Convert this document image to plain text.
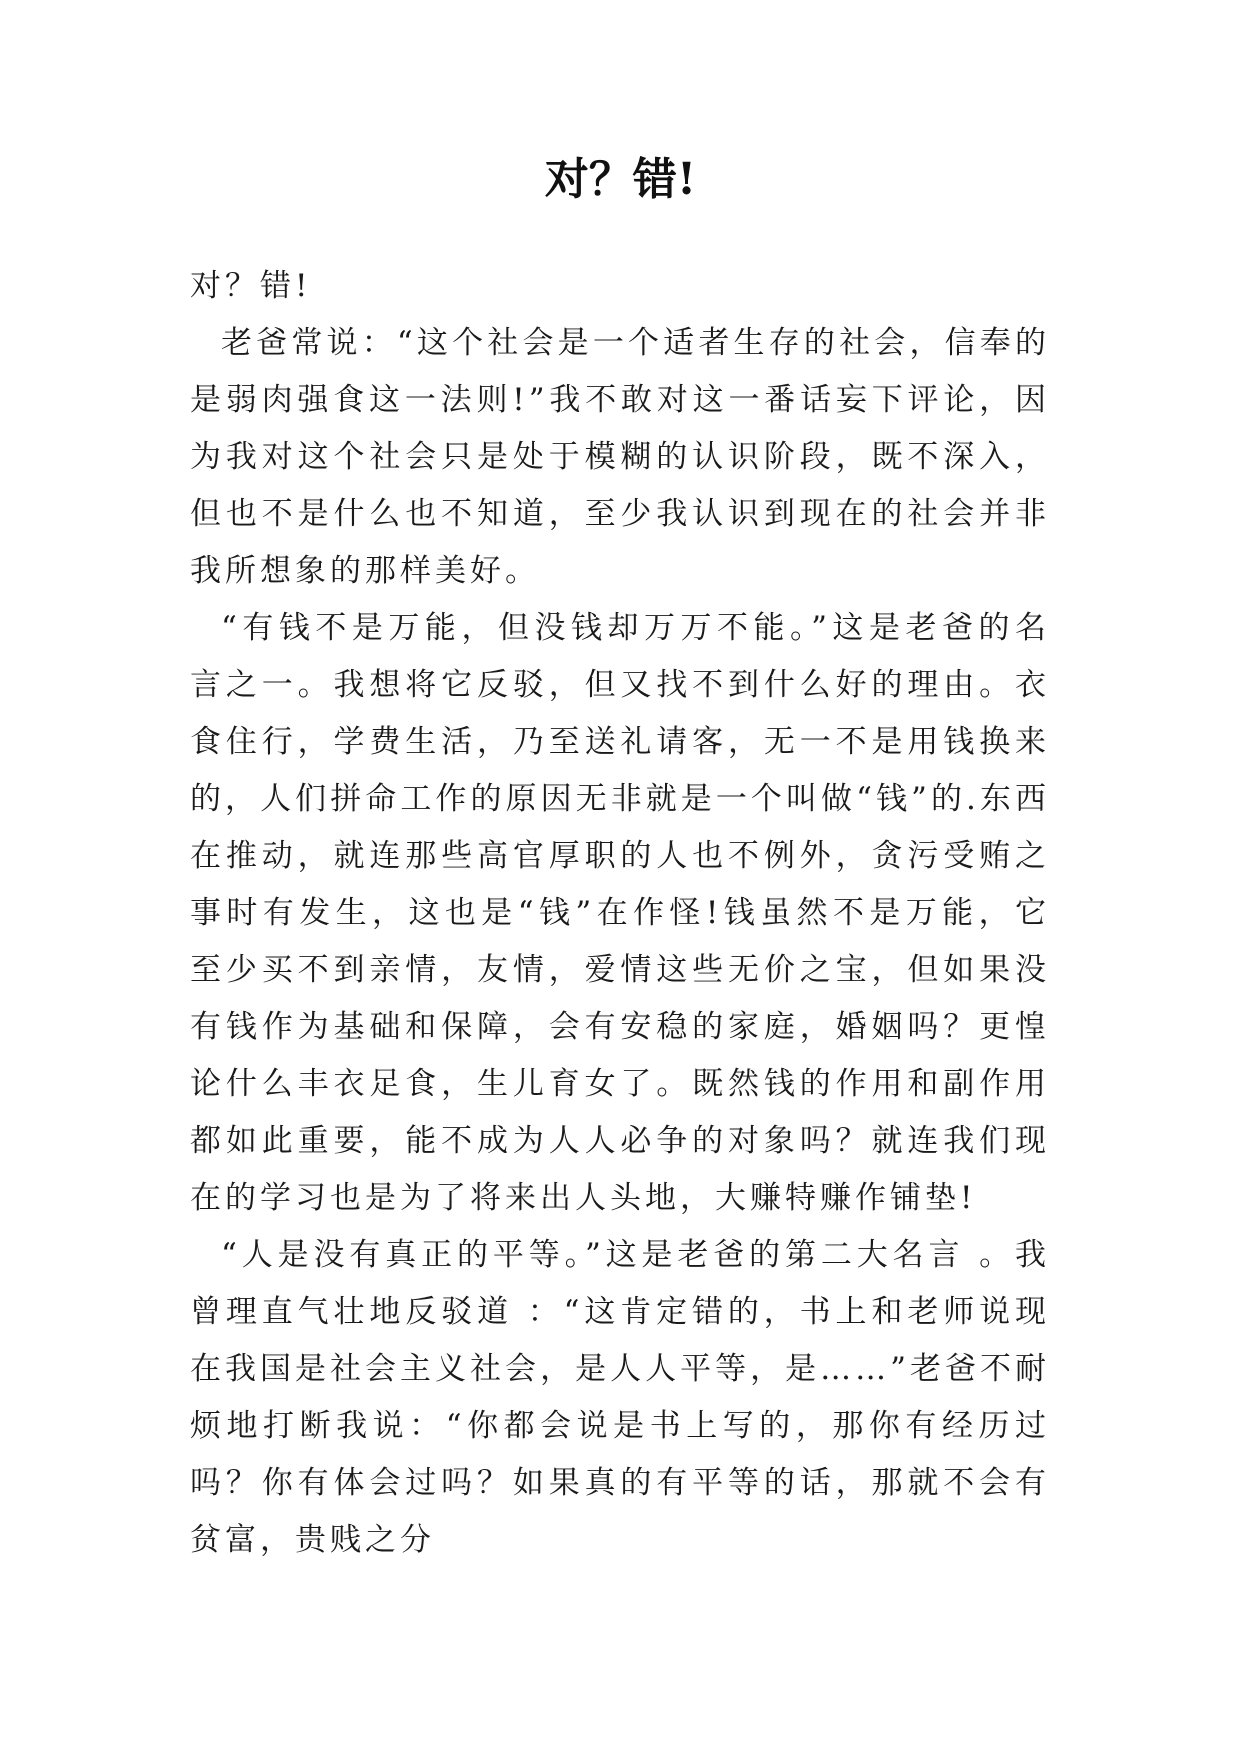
对？错!

对？错!

老爸常说：“这个社会是一个适者生存的社会，信奉的是弱肉强食这一法则!”我不敢对这一番话妄下评论，因为我对这个社会只是处于模糊的认识阶段，既不深入，但也不是什么也不知道，至少我认识到现在的社会并非我所想象的那样美好。

“有钱不是万能，但没钱却万万不能。”这是老爸的名言之一。我想将它反驳，但又找不到什么好的理由。衣食住行，学费生活，乃至送礼请客，无一不是用钱换来的，人们拼命工作的原因无非就是一个叫做“钱”的.东西在推动，就连那些高官厚职的人也不例外，贪污受贿之事时有发生，这也是“钱”在作怪!钱虽然不是万能，它至少买不到亲情，友情，爱情这些无价之宝，但如果没有钱作为基础和保障，会有安稳的家庭，婚姻吗？更惶论什么丰衣足食，生儿育女了。既然钱的作用和副作用都如此重要，能不成为人人必争的对象吗？就连我们现在的学习也是为了将来出人头地，大赚特赚作铺垫!

“人是没有真正的平等。”这是老爸的第二大名言 。我曾理直气壮地反驳道 ：“这肯定错的，书上和老师说现在我国是社会主义社会，是人人平等，是……”老爸不耐烦地打断我说：“你都会说是书上写的，那你有经历过吗？你有体会过吗？如果真的有平等的话，那就不会有贫富，贵贱之分
